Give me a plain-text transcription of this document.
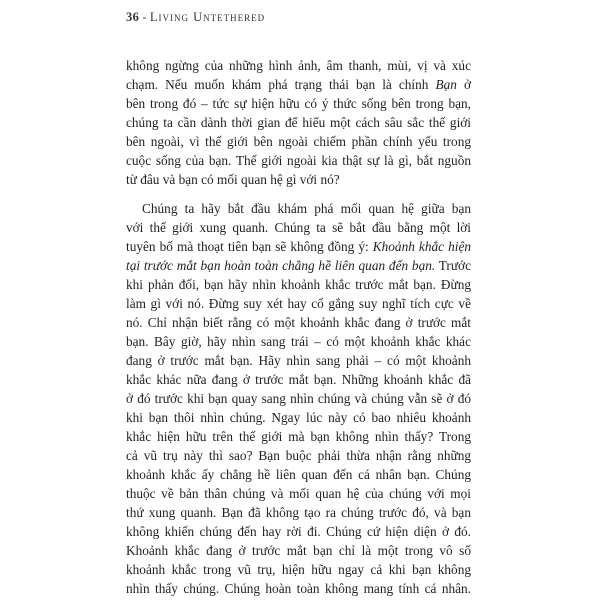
36 - Living Untethered
không ngừng của những hình ảnh, âm thanh, mùi, vị và xúc
chạm. Nếu muốn khám phá trạng thái bạn là chính Bạn ở
bên trong đó – tức sự hiện hữu có ý thức sống bên trong bạn,
chúng ta cần dành thời gian để hiểu một cách sâu sắc thế giới
bên ngoài, vì thế giới bên ngoài chiếm phần chính yếu trong
cuộc sống của bạn. Thế giới ngoài kia thật sự là gì, bắt nguồn
từ đâu và bạn có mối quan hệ gì với nó?
Chúng ta hãy bắt đầu khám phá mối quan hệ giữa bạn
với thế giới xung quanh. Chúng ta sẽ bắt đầu bằng một lời
tuyên bố mà thoạt tiên bạn sẽ không đồng ý: Khoảnh khắc hiện
tại trước mắt bạn hoàn toàn chẳng hề liên quan đến bạn. Trước
khi phản đối, bạn hãy nhìn khoảnh khắc trước mắt bạn. Đừng
làm gì với nó. Đừng suy xét hay cố gắng suy nghĩ tích cực về
nó. Chỉ nhận biết rằng có một khoảnh khắc đang ở trước mắt
bạn. Bây giờ, hãy nhìn sang trái – có một khoảnh khắc khác
đang ở trước mắt bạn. Hãy nhìn sang phải – có một khoảnh
khắc khác nữa đang ở trước mắt bạn. Những khoảnh khắc đã
ở đó trước khi bạn quay sang nhìn chúng và chúng vẫn sẽ ở đó
khi bạn thôi nhìn chúng. Ngay lúc này có bao nhiêu khoảnh
khắc hiện hữu trên thế giới mà bạn không nhìn thấy? Trong
cả vũ trụ này thì sao? Bạn buộc phải thừa nhận rằng những
khoảnh khắc ấy chẳng hề liên quan đến cá nhân bạn. Chúng
thuộc về bản thân chúng và mối quan hệ của chúng với mọi
thứ xung quanh. Bạn đã không tạo ra chúng trước đó, và bạn
không khiến chúng đến hay rời đi. Chúng cứ hiện diện ở đó.
Khoảnh khắc đang ở trước mắt bạn chỉ là một trong vô số
khoảnh khắc trong vũ trụ, hiện hữu ngay cả khi bạn không
nhìn thấy chúng. Chúng hoàn toàn không mang tính cá nhân.
